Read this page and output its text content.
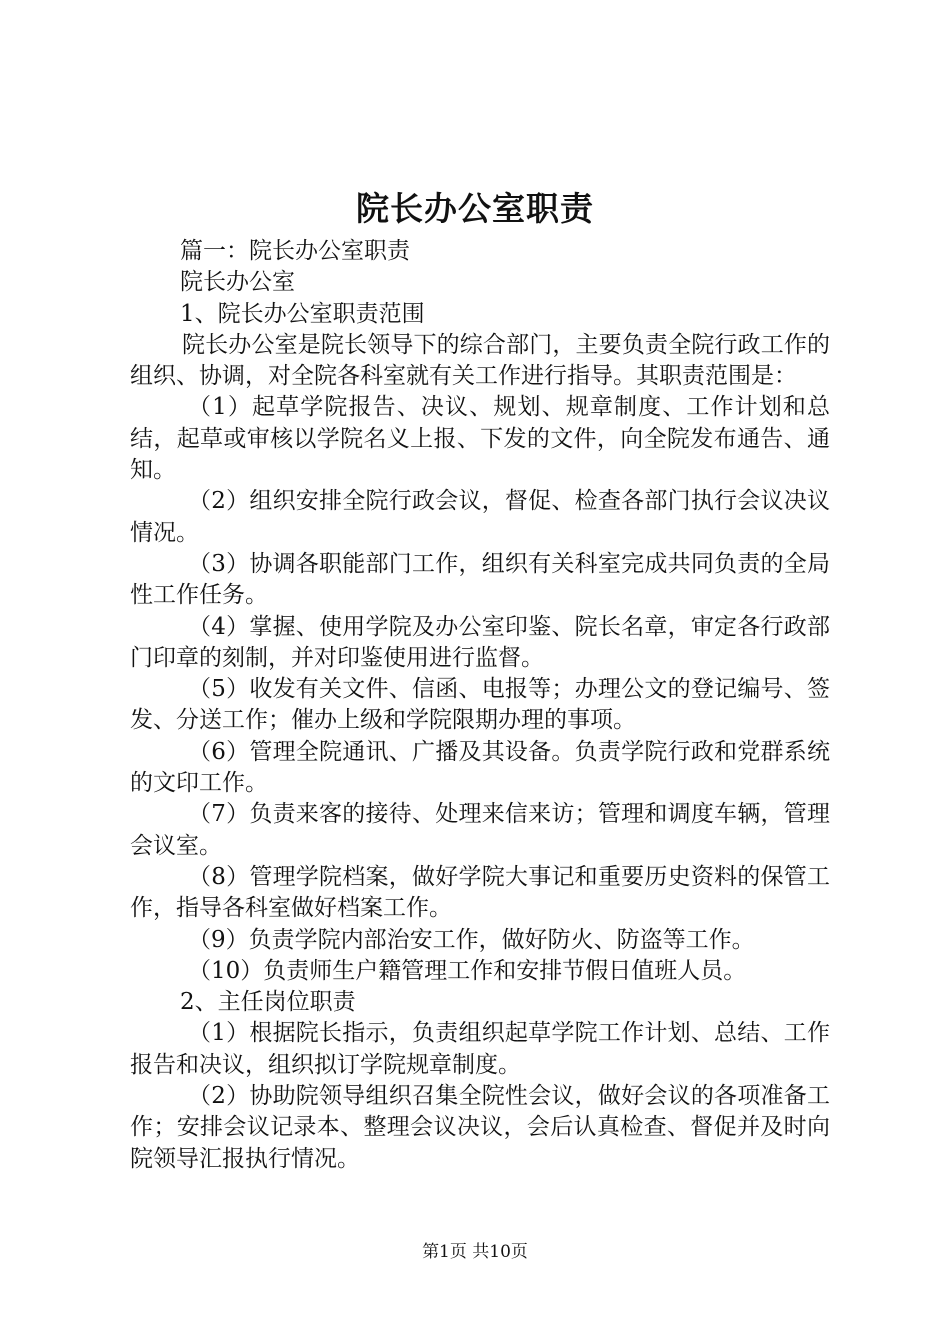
院长办公室职责

篇一：院长办公室职责

院长办公室

1、院长办公室职责范围

院长办公室是院长领导下的综合部门，主要负责全院行政工作的组织、协调，对全院各科室就有关工作进行指导。其职责范围是：

（1）起草学院报告、决议、规划、规章制度、工作计划和总结，起草或审核以学院名义上报、下发的文件，向全院发布通告、通知。

（2）组织安排全院行政会议，督促、检查各部门执行会议决议情况。

（3）协调各职能部门工作，组织有关科室完成共同负责的全局性工作任务。

（4）掌握、使用学院及办公室印鉴、院长名章，审定各行政部门印章的刻制，并对印鉴使用进行监督。

（5）收发有关文件、信函、电报等；办理公文的登记编号、签发、分送工作；催办上级和学院限期办理的事项。

（6）管理全院通讯、广播及其设备。负责学院行政和党群系统的文印工作。

（7）负责来客的接待、处理来信来访；管理和调度车辆，管理会议室。

（8）管理学院档案，做好学院大事记和重要历史资料的保管工作，指导各科室做好档案工作。

（9）负责学院内部治安工作，做好防火、防盗等工作。

（10）负责师生户籍管理工作和安排节假日值班人员。

2、主任岗位职责

（1）根据院长指示，负责组织起草学院工作计划、总结、工作报告和决议，组织拟订学院规章制度。

（2）协助院领导组织召集全院性会议，做好会议的各项准备工作；安排会议记录本、整理会议决议，会后认真检查、督促并及时向院领导汇报执行情况。

第1页 共10页
